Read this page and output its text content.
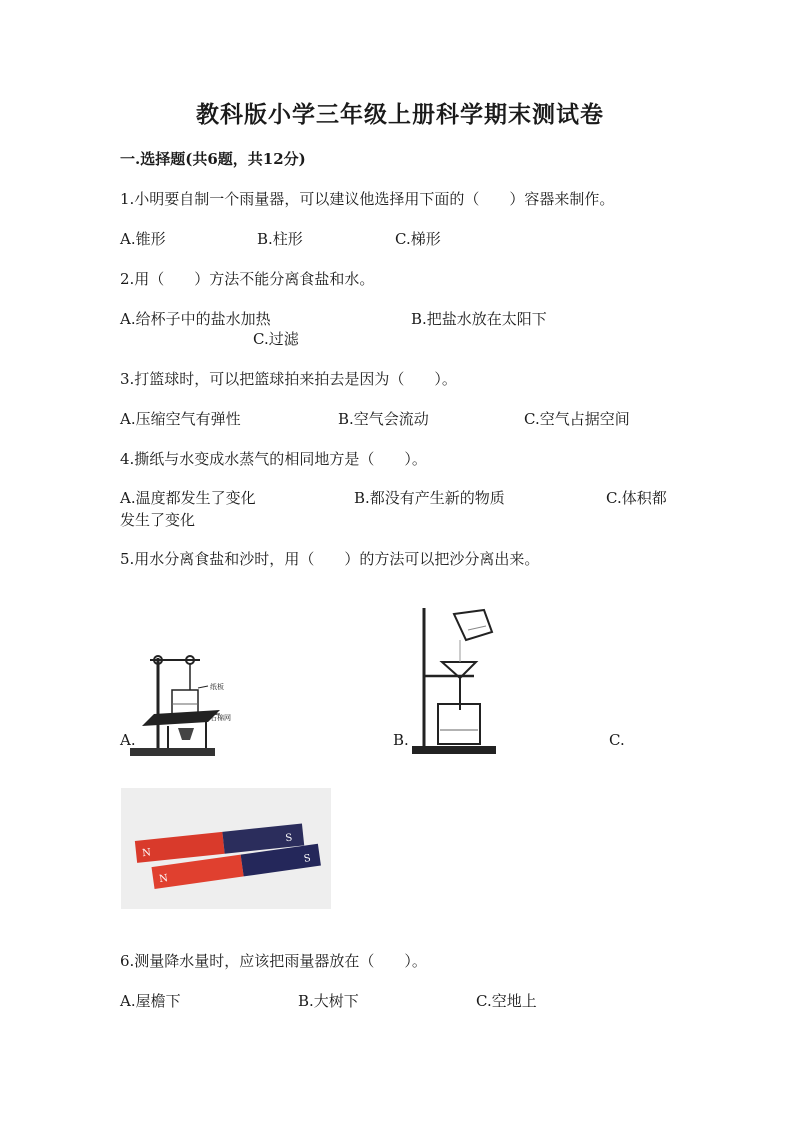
教科版小学三年级上册科学期末测试卷
一.选择题(共6题，共12分)
1.小明要自制一个雨量器，可以建议他选择用下面的（　　）容器来制作。
A.锥形	B.柱形	C.梯形
2.用（　　）方法不能分离食盐和水。
A.给杯子中的盐水加热	B.把盐水放在太阳下
C.过滤
3.打篮球时，可以把篮球拍来拍去是因为（　　）。
A.压缩空气有弹性	B.空气会流动	C.空气占据空间
4.撕纸与水变成水蒸气的相同地方是（　　）。
A.温度都发生了变化	B.都没有产生新的物质	C.体积都
发生了变化
5.用水分离食盐和沙时，用（　　）的方法可以把沙分离出来。
纸板
石棉网
A.	B.	C.
S
N
N
S
6.测量降水量时，应该把雨量器放在（　　）。
A.屋檐下	B.大树下	C.空地上
